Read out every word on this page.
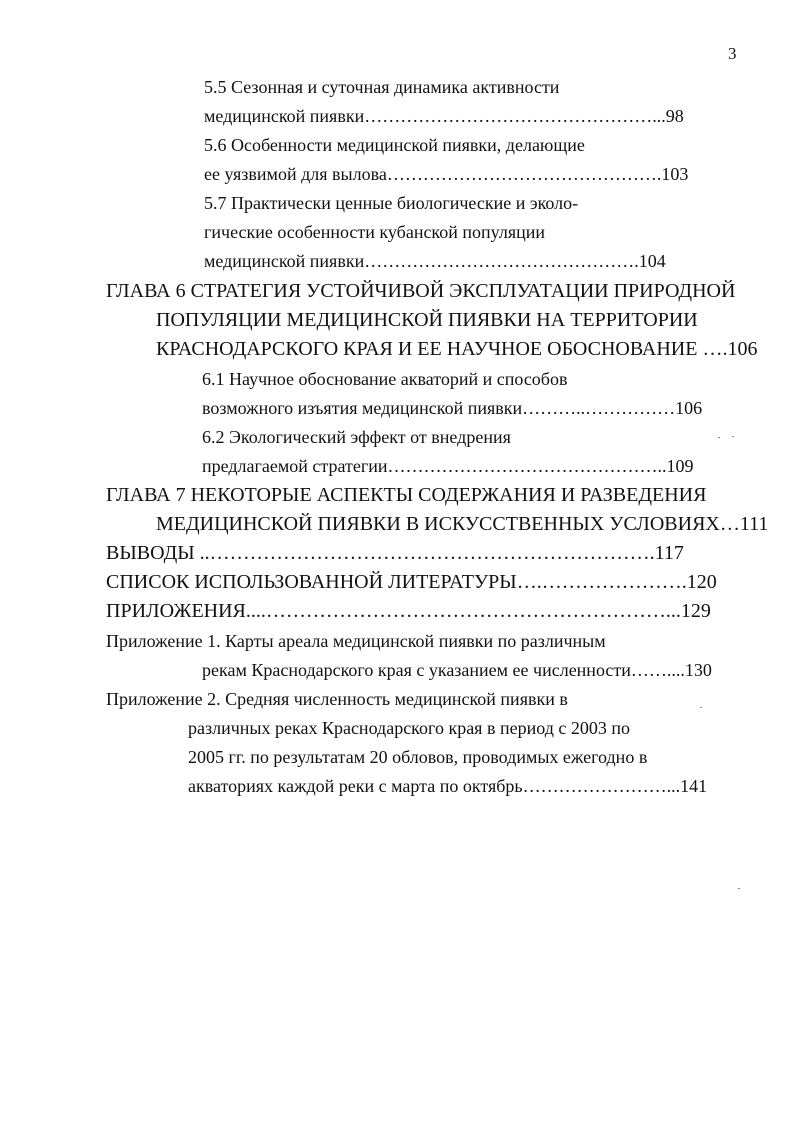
3

5.5 Сезонная и суточная динамика активности

медицинской пиявки…………………………………………...98

5.6 Особенности медицинской пиявки, делающие

ее уязвимой для вылова……………………………………….103

5.7 Практически ценные биологические и эколо-

гические особенности кубанской популяции

медицинской пиявки……………………………………….104

ГЛАВА 6 СТРАТЕГИЯ УСТОЙЧИВОЙ ЭКСПЛУАТАЦИИ ПРИРОДНОЙ

ПОПУЛЯЦИИ МЕДИЦИНСКОЙ ПИЯВКИ НА ТЕРРИТОРИИ

КРАСНОДАРСКОГО КРАЯ И ЕЕ НАУЧНОЕ ОБОСНОВАНИЕ ….106

6.1 Научное обоснование акваторий и способов

возможного изъятия медицинской пиявки………..……………106

6.2 Экологический эффект от внедрения

предлагаемой стратегии………………………………………..109

ГЛАВА 7 НЕКОТОРЫЕ АСПЕКТЫ СОДЕРЖАНИЯ И РАЗВЕДЕНИЯ

МЕДИЦИНСКОЙ ПИЯВКИ В ИСКУССТВЕННЫХ УСЛОВИЯХ…111

ВЫВОДЫ ..………………………………………………………….117

СПИСОК ИСПОЛЬЗОВАННОЙ ЛИТЕРАТУРЫ….………………….120

ПРИЛОЖЕНИЯ....……………………………………………………...129

Приложение 1. Карты ареала медицинской пиявки по различным

рекам Краснодарского края с указанием ее численности……....130

Приложение 2. Средняя численность медицинской пиявки в

различных реках Краснодарского края в период с 2003 по

2005 гг. по результатам 20 обловов, проводимых ежегодно в

акваториях каждой реки с марта по октябрь……………………...141
